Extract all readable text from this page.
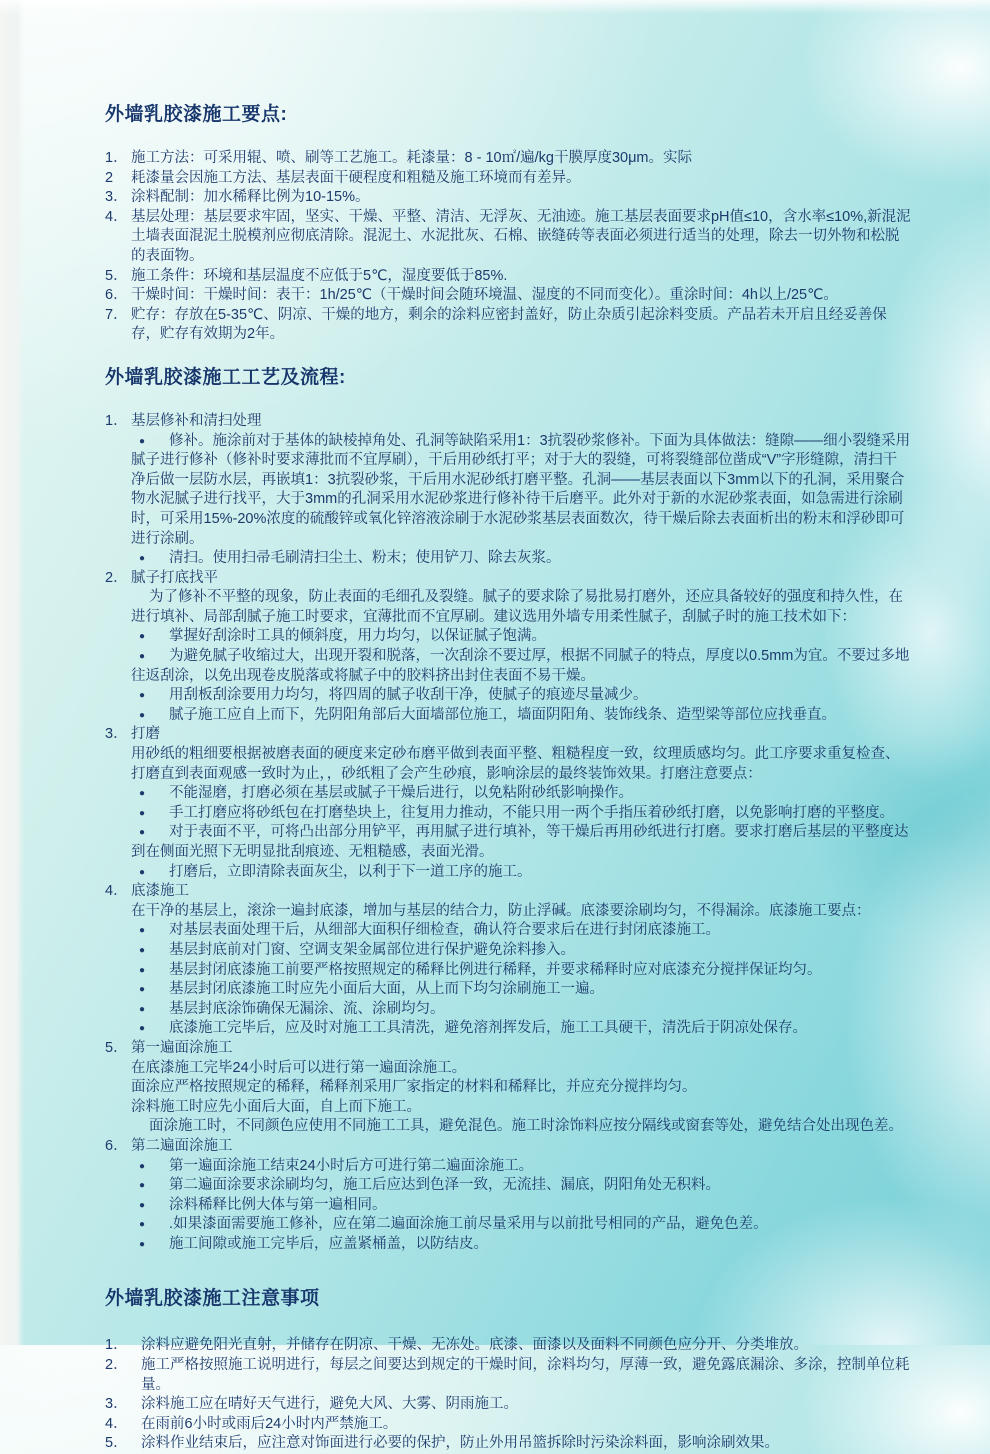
外墙乳胶漆施工要点:
1． 施工方法：可采用辊、喷、刷等工艺施工。耗漆量：8 - 10㎡/遍/kg干膜厚度30μm。实际
2	耗漆量会因施工方法、基层表面干硬程度和粗糙及施工环境而有差异。
3． 涂料配制：加水稀释比例为10-15%。
4． 基层处理：基层要求牢固，坚实、干燥、平整、清洁、无浮灰、无油迹。施工基层表面要求pH值≤10，含水率≤10%,新混泥土墙表面混泥土脱模剂应彻底清除。混泥土、水泥批灰、石棉、嵌缝砖等表面必须进行适当的处理，除去一切外物和松脱的表面物。
5． 施工条件：环境和基层温度不应低于5℃，湿度要低于85%.
6． 干燥时间：干燥时间：表干：1h/25℃（干燥时间会随环境温、湿度的不同而变化）。重涂时间：4h以上/25℃。
7． 贮存：存放在5-35℃、阴凉、干燥的地方，剩余的涂料应密封盖好，防止杂质引起涂料变质。产品若未开启且经妥善保存，贮存有效期为2年。
外墙乳胶漆施工工艺及流程:
1． 基层修补和清扫处理
● 修补。施涂前对于基体的缺棱掉角处、孔洞等缺陷采用1：3抗裂砂浆修补。下面为具体做法：缝隙——细小裂缝采用腻子进行修补（修补时要求薄批而不宜厚刷），干后用砂纸打平；对于大的裂缝，可将裂缝部位凿成“V”字形缝隙，清扫干净后做一层防水层，再嵌填1：3抗裂砂浆，干后用水泥砂纸打磨平整。孔洞——基层表面以下3mm以下的孔洞，采用聚合物水泥腻子进行找平，大于3mm的孔洞采用水泥砂浆进行修补待干后磨平。此外对于新的水泥砂浆表面，如急需进行涂刷时，可采用15%-20%浓度的硫酸锌或氧化锌溶液涂刷于水泥砂浆基层表面数次，待干燥后除去表面析出的粉末和浮砂即可进行涂刷。
● 清扫。使用扫帚毛刷清扫尘土、粉末；使用铲刀、除去灰浆。
2． 腻子打底找平
为了修补不平整的现象，防止表面的毛细孔及裂缝。腻子的要求除了易批易打磨外，还应具备较好的强度和持久性，在进行填补、局部刮腻子施工时要求，宜薄批而不宜厚刷。建议选用外墙专用柔性腻子，刮腻子时的施工技术如下：
● 掌握好刮涂时工具的倾斜度，用力均匀，以保证腻子饱满。
● 为避免腻子收缩过大，出现开裂和脱落，一次刮涂不要过厚，根据不同腻子的特点，厚度以0.5mm为宜。不要过多地往返刮涂，以免出现卷皮脱落或将腻子中的胶料挤出封住表面不易干燥。
● 用刮板刮涂要用力均匀，将四周的腻子收刮干净，使腻子的痕迹尽量减少。
● 腻子施工应自上而下，先阴阳角部后大面墙部位施工，墙面阴阳角、装饰线条、造型梁等部位应找垂直。
3． 打磨
用砂纸的粗细要根据被磨表面的硬度来定砂布磨平做到表面平整、粗糙程度一致，纹理质感均匀。此工序要求重复检查、打磨直到表面观感一致时为止，，砂纸粗了会产生砂痕，影响涂层的最终装饰效果。打磨注意要点：
● 不能湿磨，打磨必须在基层或腻子干燥后进行，以免粘附砂纸影响操作。
● 手工打磨应将砂纸包在打磨垫块上，往复用力推动，不能只用一两个手指压着砂纸打磨，以免影响打磨的平整度。
● 对于表面不平，可将凸出部分用铲平，再用腻子进行填补，等干燥后再用砂纸进行打磨。要求打磨后基层的平整度达到在侧面光照下无明显批刮痕迹、无粗糙感，表面光滑。
● 打磨后，立即清除表面灰尘，以利于下一道工序的施工。
4． 底漆施工
在干净的基层上，滚涂一遍封底漆，增加与基层的结合力，防止浮碱。底漆要涂刷均匀，不得漏涂。底漆施工要点：
● 对基层表面处理干后，从细部大面积仔细检查，确认符合要求后在进行封闭底漆施工。
● 基层封底前对门窗、空调支架金属部位进行保护避免涂料掺入。
● 基层封闭底漆施工前要严格按照规定的稀释比例进行稀释，并要求稀释时应对底漆充分搅拌保证均匀。
● 基层封闭底漆施工时应先小面后大面，从上而下均匀涂刷施工一遍。
● 基层封底涂饰确保无漏涂、流、涂刷均匀。
● 底漆施工完毕后，应及时对施工工具清洗，避免溶剂挥发后，施工工具硬干，清洗后于阴凉处保存。
5． 第一遍面涂施工
在底漆施工完毕24小时后可以进行第一遍面涂施工。
面涂应严格按照规定的稀释，稀释剂采用厂家指定的材料和稀释比，并应充分搅拌均匀。
涂料施工时应先小面后大面，自上而下施工。
面涂施工时，不同颜色应使用不同施工工具，避免混色。施工时涂饰料应按分隔线或窗套等处，避免结合处出现色差。
6． 第二遍面涂施工
● 第一遍面涂施工结束24小时后方可进行第二遍面涂施工。
● 第二遍面涂要求涂刷均匀，施工后应达到色泽一致，无流挂、漏底，阴阳角处无积料。
● 涂料稀释比例大体与第一遍相同。
● .如果漆面需要施工修补，应在第二遍面涂施工前尽量采用与以前批号相同的产品，避免色差。
● 施工间隙或施工完毕后，应盖紧桶盖，以防结皮。
外墙乳胶漆施工注意事项
1． 涂料应避免阳光直射，并储存在阴凉、干燥、无冻处。底漆、面漆以及面料不同颜色应分开、分类堆放。
2． 施工严格按照施工说明进行，每层之间要达到规定的干燥时间，涂料均匀，厚薄一致，避免露底漏涂、多涂，控制单位耗量。
3． 涂料施工应在晴好天气进行，避免大风、大雾、阴雨施工。
4． 在雨前6小时或雨后24小时内严禁施工。
5． 涂料作业结束后，应注意对饰面进行必要的保护，防止外用吊篮拆除时污染涂料面，影响涂刷效果。
